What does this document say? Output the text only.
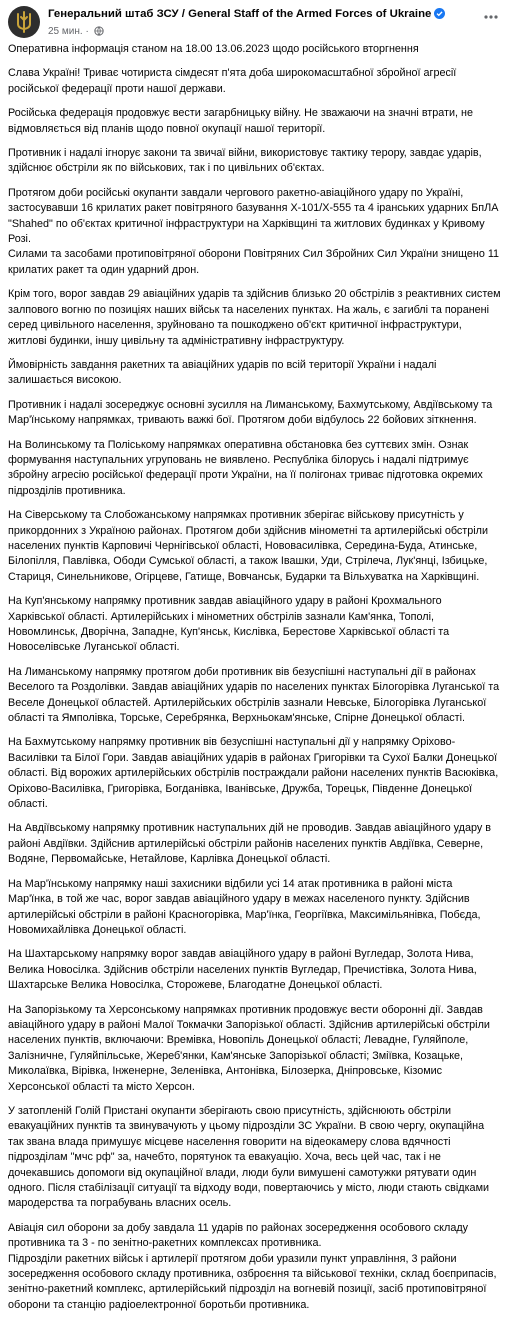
Генеральний штаб ЗСУ / General Staff of the Armed Forces of Ukraine
25 мин. ·

Оперативна інформація станом на 18.00 13.06.2023 щодо російського вторгнення

Слава Україні! Триває чотириста сімдесят п'ята доба широкомасштабної збройної агресії російської федерації проти нашої держави.

Російська федерація продовжує вести загарбницьку війну. Не зважаючи на значні втрати, не відмовляється від планів щодо повної окупації нашої території.

Противник і надалі ігнорує закони та звичаї війни, використовує тактику терору, завдає ударів, здійснює обстріли як по військових, так і по цивільних об'єктах.

Протягом доби російські окупанти завдали чергового ракетно-авіаційного удару по Україні, застосувавши 16 крилатих ракет повітряного базування Х-101/Х-555 та 4 іранських ударних БпЛА "Shahed" по об'єктах критичної інфраструктури на Харківщині та житлових будинках у Кривому Розі.
Силами та засобами протиповітряної оборони Повітряних Сил Збройних Сил України знищено 11 крилатих ракет та один ударний дрон.

Крім того, ворог завдав 29 авіаційних ударів та здійснив близько 20 обстрілів з реактивних систем залпового вогню по позиціях наших військ та населених пунктах. На жаль, є загиблі та поранені серед цивільного населення, зруйновано та пошкоджено об'єкт критичної інфраструктури, житлові будинки, іншу цивільну та адміністративну інфраструктуру.

Ймовірність завдання ракетних та авіаційних ударів по всій території України і надалі залишається високою.

Противник і надалі зосереджує основні зусилля на Лиманському, Бахмутському, Авдіївському та Мар'їнському напрямках, тривають важкі бої. Протягом доби відбулось 22 бойових зіткнення.

На Волинському та Поліському напрямках оперативна обстановка без суттєвих змін. Ознак формування наступальних угруповань не виявлено. Республіка білорусь і надалі підтримує збройну агресію російської федерації проти України, на її полігонах триває підготовка окремих підрозділів противника.

На Сіверському та Слобожанському напрямках противник зберігає військову присутність у прикордонних з Україною районах. Протягом доби здійснив мінометні та артилерійські обстріли населених пунктів Карповичі Чернігівської області, Нововасилівка, Середина-Буда, Атинське, Білопілля, Павлівка, Ободи Сумської області, а також Івашки, Уди, Стрілеча, Лук'янці, Ізбицьке, Стариця, Синельникове, Огірцеве, Гатище, Вовчанськ, Бударки та Вільхуватка на Харківщині.

На Куп'янському напрямку противник завдав авіаційного удару в районі Крохмального Харківської області. Артилерійських і мінометних обстрілів зазнали Кам'янка, Тополі, Новомлинськ, Дворічна, Западне, Куп'янськ, Кислівка, Берестове Харківської області та Новоселівське Луганської області.

На Лиманському напрямку протягом доби противник вів безуспішні наступальні дії в районах Веселого та Роздолівки. Завдав авіаційних ударів по населених пунктах Білогорівка Луганської та Веселе Донецької областей. Артилерійських обстрілів зазнали Невське, Білогорівка Луганської області та Ямполівка, Торське, Серебрянка, Верхньокам'янське, Спірне Донецької області.

На Бахмутському напрямку противник вів безуспішні наступальні дії у напрямку Оріхово-Василівки та Білої Гори. Завдав авіаційних ударів в районах Григорівки та Сухої Балки Донецької області. Від ворожих артилерійських обстрілів постраждали райони населених пунктів Васюківка, Оріхово-Василівка, Григорівка, Богданівка, Іванівське, Дружба, Торецьк, Південне Донецької області.

На Авдіївському напрямку противник наступальних дій не проводив. Завдав авіаційного удару в районі Авдіївки. Здійснив артилерійські обстріли районів населених пунктів Авдіївка, Северне, Водяне, Первомайське, Нетайлове, Карлівка Донецької області.

На Мар'їнському напрямку наші захисники відбили усі 14 атак противника в районі міста Мар'їнка, в той же час, ворог завдав авіаційного удару в межах населеного пункту. Здійснив артилерійські обстріли в районі Красногорівка, Мар'їнка, Георгіївка, Максимільянівка, Побєда, Новомихайлівка Донецької області.

На Шахтарському напрямку ворог завдав авіаційного удару в районі Вугледар, Золота Нива, Велика Новосілка. Здійснив обстріли населених пунктів Вугледар, Пречистівка, Золота Нива, Шахтарське Велика Новосілка, Сторожеве, Благодатне Донецької області.

На Запорізькому та Херсонському напрямках противник продовжує вести оборонні дії. Завдав авіаційного удару в районі Малої Токмачки Запорізької області. Здійснив артилерійські обстріли населених пунктів, включаючи: Времівка, Новопіль Донецької області; Левадне, Гуляйполе, Залізничне, Гуляйпільське, Жереб'янки, Кам'янське Запорізької області; Зміївка, Козацьке, Миколаївка, Вірівка, Інженерне, Зеленівка, Антонівка, Білозерка, Дніпровське, Кізомис Херсонської області та місто Херсон.

У затопленій Голій Пристані окупанти зберігають свою присутність, здійснюють обстріли евакуаційних пунктів та звинувачують у цьому підрозділи ЗС України. В свою чергу, окупаційна так звана влада примушує місцеве населення говорити на відеокамеру слова вдячності підрозділам "мчс рф" за, начебто, порятунок та евакуацію. Хоча, весь цей час, так і не дочекавшись допомоги від окупаційної влади, люди були вимушені самотужки рятувати один одного. Після стабілізації ситуації та відходу води, повертаючись у місто, люди стають свідками мародерства та пограбувань власних осель.

Авіація сил оборони за добу завдала 11 ударів по районах зосередження особового складу противника та 3 - по зенітно-ракетних комплексах противника.
Підрозділи ракетних військ і артилерії протягом доби уразили пункт управління, 3 райони зосередження особового складу противника, озброєння та військової техніки, склад боєприпасів, зенітно-ракетний комплекс, артилерійський підрозділ на вогневій позиції, засіб протиповітряної оборони та станцію радіоелектронної боротьби противника.
